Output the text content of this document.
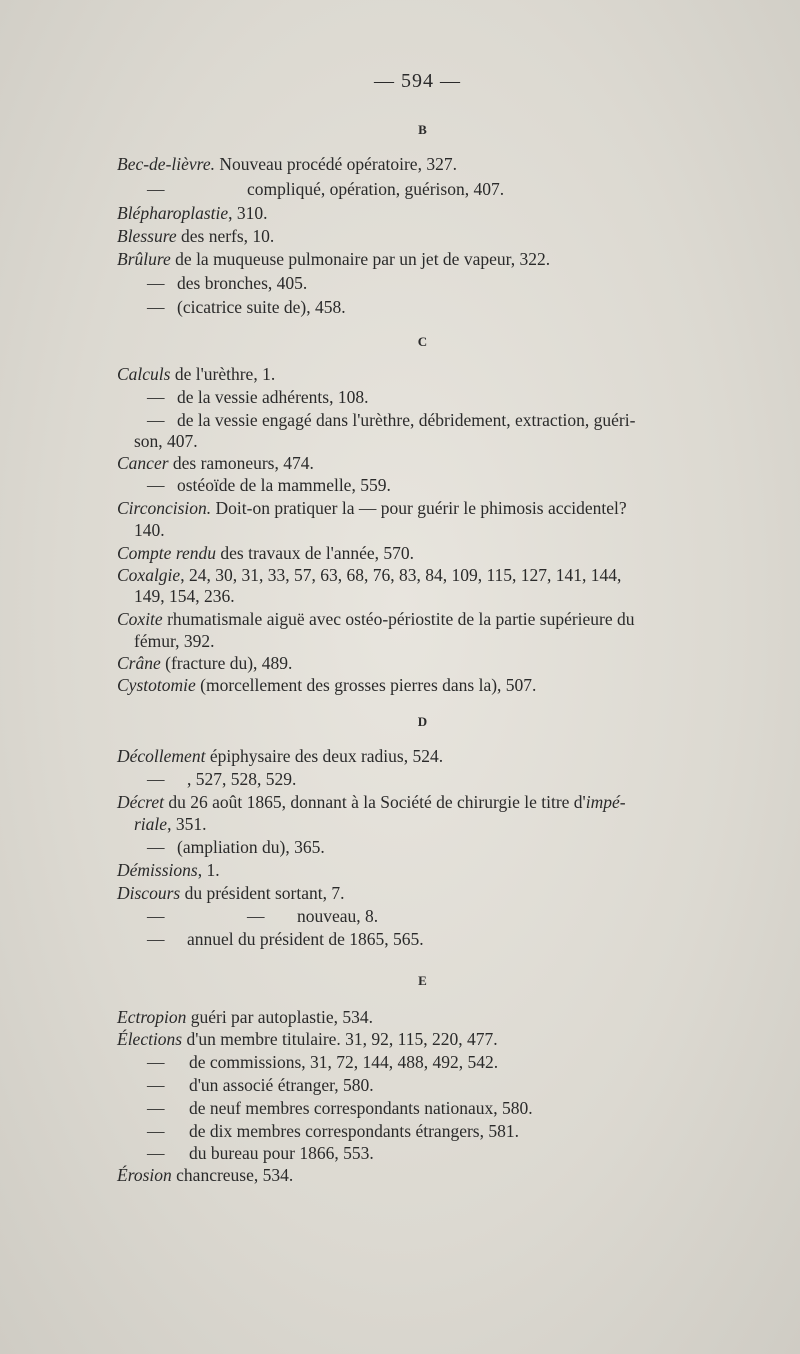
— 594 —
B
Bec-de-lièvre. Nouveau procédé opératoire, 327.
—	compliqué, opération, guérison, 407.
Blépharoplastie, 310.
Blessure des nerfs, 10.
Brûlure de la muqueuse pulmonaire par un jet de vapeur, 322.
— des bronches, 405.
— (cicatrice suite de), 458.
C
Calculs de l'urèthre, 1.
— de la vessie adhérents, 108.
— de la vessie engagé dans l'urèthre, débridement, extraction, guéri-
son, 407.
Cancer des ramoneurs, 474.
— ostéoïde de la mammelle, 559.
Circoncision. Doit-on pratiquer la — pour guérir le phimosis accidentel?
140.
Compte rendu des travaux de l'année, 570.
Coxalgie, 24, 30, 31, 33, 57, 63, 68, 76, 83, 84, 109, 115, 127, 141, 144,
149, 154, 236.
Coxite rhumatismale aiguë avec ostéo-périostite de la partie supérieure du
fémur, 392.
Crâne (fracture du), 489.
Cystotomie (morcellement des grosses pierres dans la), 507.
D
Décollement épiphysaire des deux radius, 524.
— , 527, 528, 529.
Décret du 26 août 1865, donnant à la Société de chirurgie le titre d'impé-
riale, 351.
— (ampliation du), 365.
Démissions, 1.
Discours du président sortant, 7.
—	— nouveau, 8.
— annuel du président de 1865, 565.
E
Ectropion guéri par autoplastie, 534.
Élections d'un membre titulaire. 31, 92, 115, 220, 477.
— de commissions, 31, 72, 144, 488, 492, 542.
— d'un associé étranger, 580.
— de neuf membres correspondants nationaux, 580.
— de dix membres correspondants étrangers, 581.
— du bureau pour 1866, 553.
Érosion chancreuse, 534.
